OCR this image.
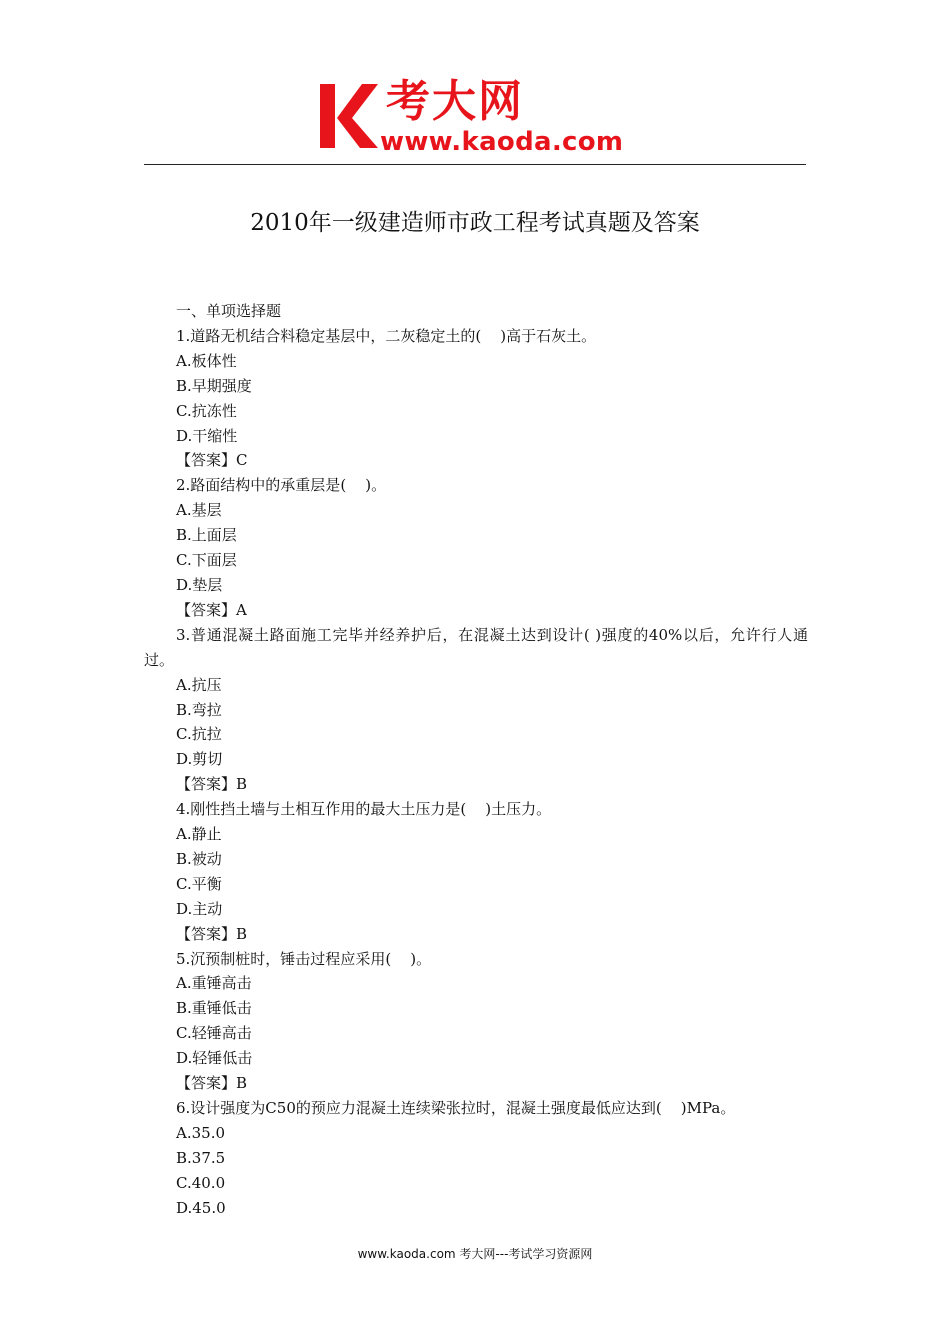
考大网
www.kaoda.com
2010年一级建造师市政工程考试真题及答案
一、单项选择题
1.道路无机结合料稳定基层中，二灰稳定土的(    )高于石灰土。
A.板体性
B.早期强度
C.抗冻性
D.干缩性
【答案】C
2.路面结构中的承重层是(    )。
A.基层
B.上面层
C.下面层
D.垫层
【答案】A
3.普通混凝土路面施工完毕并经养护后，在混凝土达到设计( )强度的40%以后，允许行人通过。
A.抗压
B.弯拉
C.抗拉
D.剪切
【答案】B
4.刚性挡土墙与土相互作用的最大土压力是(    )土压力。
A.静止
B.被动
C.平衡
D.主动
【答案】B
5.沉预制桩时，锤击过程应采用(    )。
A.重锤高击
B.重锤低击
C.轻锤高击
D.轻锤低击
【答案】B
6.设计强度为C50的预应力混凝土连续梁张拉时，混凝土强度最低应达到(    )MPa。
A.35.0
B.37.5
C.40.0
D.45.0
www.kaoda.com 考大网---考试学习资源网
